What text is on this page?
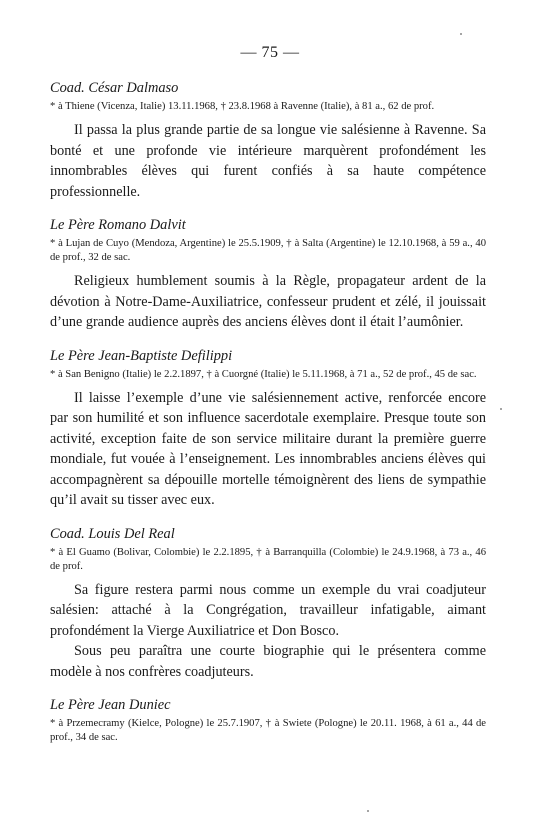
— 75 —

Coad. César Dalmaso

* à Thiene (Vicenza, Italie) 13.11.1968, † 23.8.1968 à Ravenne (Italie), à 81 a., 62 de prof.

Il passa la plus grande partie de sa longue vie salésienne à Ravenne. Sa bonté et une profonde vie intérieure marquèrent profondément les innombrables élèves qui furent confiés à sa haute compétence professionnelle.

Le Père Romano Dalvit

* à Lujan de Cuyo (Mendoza, Argentine) le 25.5.1909, † à Salta (Argentine) le 12.10.1968, à 59 a., 40 de prof., 32 de sac.

Religieux humblement soumis à la Règle, propagateur ardent de la dévotion à Notre-Dame-Auxiliatrice, confesseur prudent et zélé, il jouissait d’une grande audience auprès des anciens élèves dont il était l’aumônier.

Le Père Jean-Baptiste Defilippi

* à San Benigno (Italie) le 2.2.1897, † à Cuorgné (Italie) le 5.11.1968, à 71 a., 52 de prof., 45 de sac.

Il laisse l’exemple d’une vie salésiennement active, renforcée encore par son humilité et son influence sacerdotale exemplaire. Presque toute son activité, exception faite de son service militaire durant la première guerre mondiale, fut vouée à l’enseignement. Les innombrables anciens élèves qui accompagnèrent sa dépouille mortelle témoignèrent des liens de sympathie qu’il avait su tisser avec eux.

Coad. Louis Del Real

* à El Guamo (Bolivar, Colombie) le 2.2.1895, † à Barranquilla (Colombie) le 24.9.1968, à 73 a., 46 de prof.

Sa figure restera parmi nous comme un exemple du vrai coadjuteur salésien: attaché à la Congrégation, travailleur infatigable, aimant profondément la Vierge Auxiliatrice et Don Bosco.

Sous peu paraîtra une courte biographie qui le présentera comme modèle à nos confrères coadjuteurs.

Le Père Jean Duniec

* à Przemecramy (Kielce, Pologne) le 25.7.1907, † à Swiete (Pologne) le 20.11. 1968, à 61 a., 44 de prof., 34 de sac.
